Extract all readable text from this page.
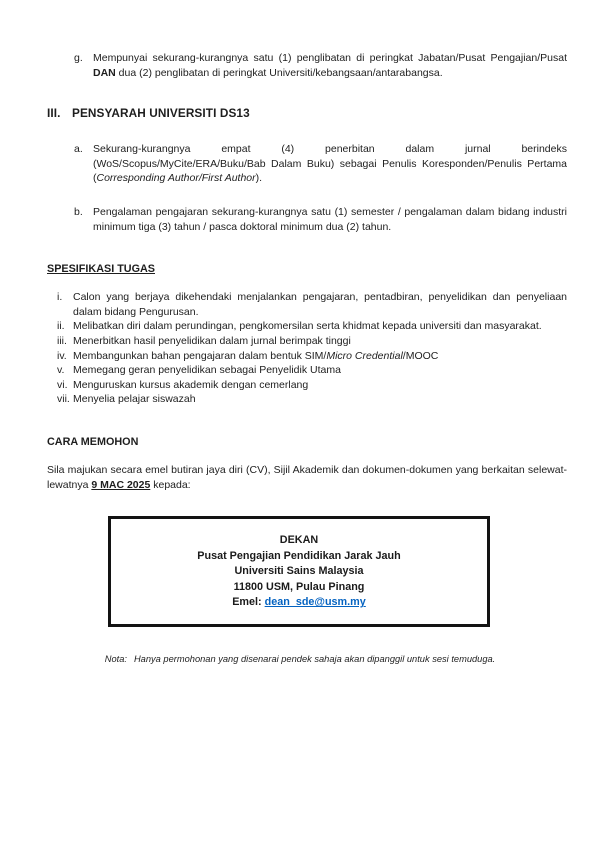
g. Mempunyai sekurang-kurangnya satu (1) penglibatan di peringkat Jabatan/Pusat Pengajian/Pusat DAN dua (2) penglibatan di peringkat Universiti/kebangsaan/antarabangsa.
III. PENSYARAH UNIVERSITI DS13
a. Sekurang-kurangnya empat (4) penerbitan dalam jurnal berindeks (WoS/Scopus/MyCite/ERA/Buku/Bab Dalam Buku) sebagai Penulis Koresponden/Penulis Pertama (Corresponding Author/First Author).
b. Pengalaman pengajaran sekurang-kurangnya satu (1) semester / pengalaman dalam bidang industri minimum tiga (3) tahun / pasca doktoral minimum dua (2) tahun.
SPESIFIKASI TUGAS
i. Calon yang berjaya dikehendaki menjalankan pengajaran, pentadbiran, penyelidikan dan penyeliaan dalam bidang Pengurusan.
ii. Melibatkan diri dalam perundingan, pengkomersilan serta khidmat kepada universiti dan masyarakat.
iii. Menerbitkan hasil penyelidikan dalam jurnal berimpak tinggi
iv. Membangunkan bahan pengajaran dalam bentuk SIM/Micro Credential/MOOC
v. Memegang geran penyelidikan sebagai Penyelidik Utama
vi. Menguruskan kursus akademik dengan cemerlang
vii. Menyelia pelajar siswazah
CARA MEMOHON
Sila majukan secara emel butiran jaya diri (CV), Sijil Akademik dan dokumen-dokumen yang berkaitan selewat-lewatnya 9 MAC 2025 kepada:
DEKAN
Pusat Pengajian Pendidikan Jarak Jauh
Universiti Sains Malaysia
11800 USM, Pulau Pinang
Emel: dean_sde@usm.my
Nota: Hanya permohonan yang disenarai pendek sahaja akan dipanggil untuk sesi temuduga.
